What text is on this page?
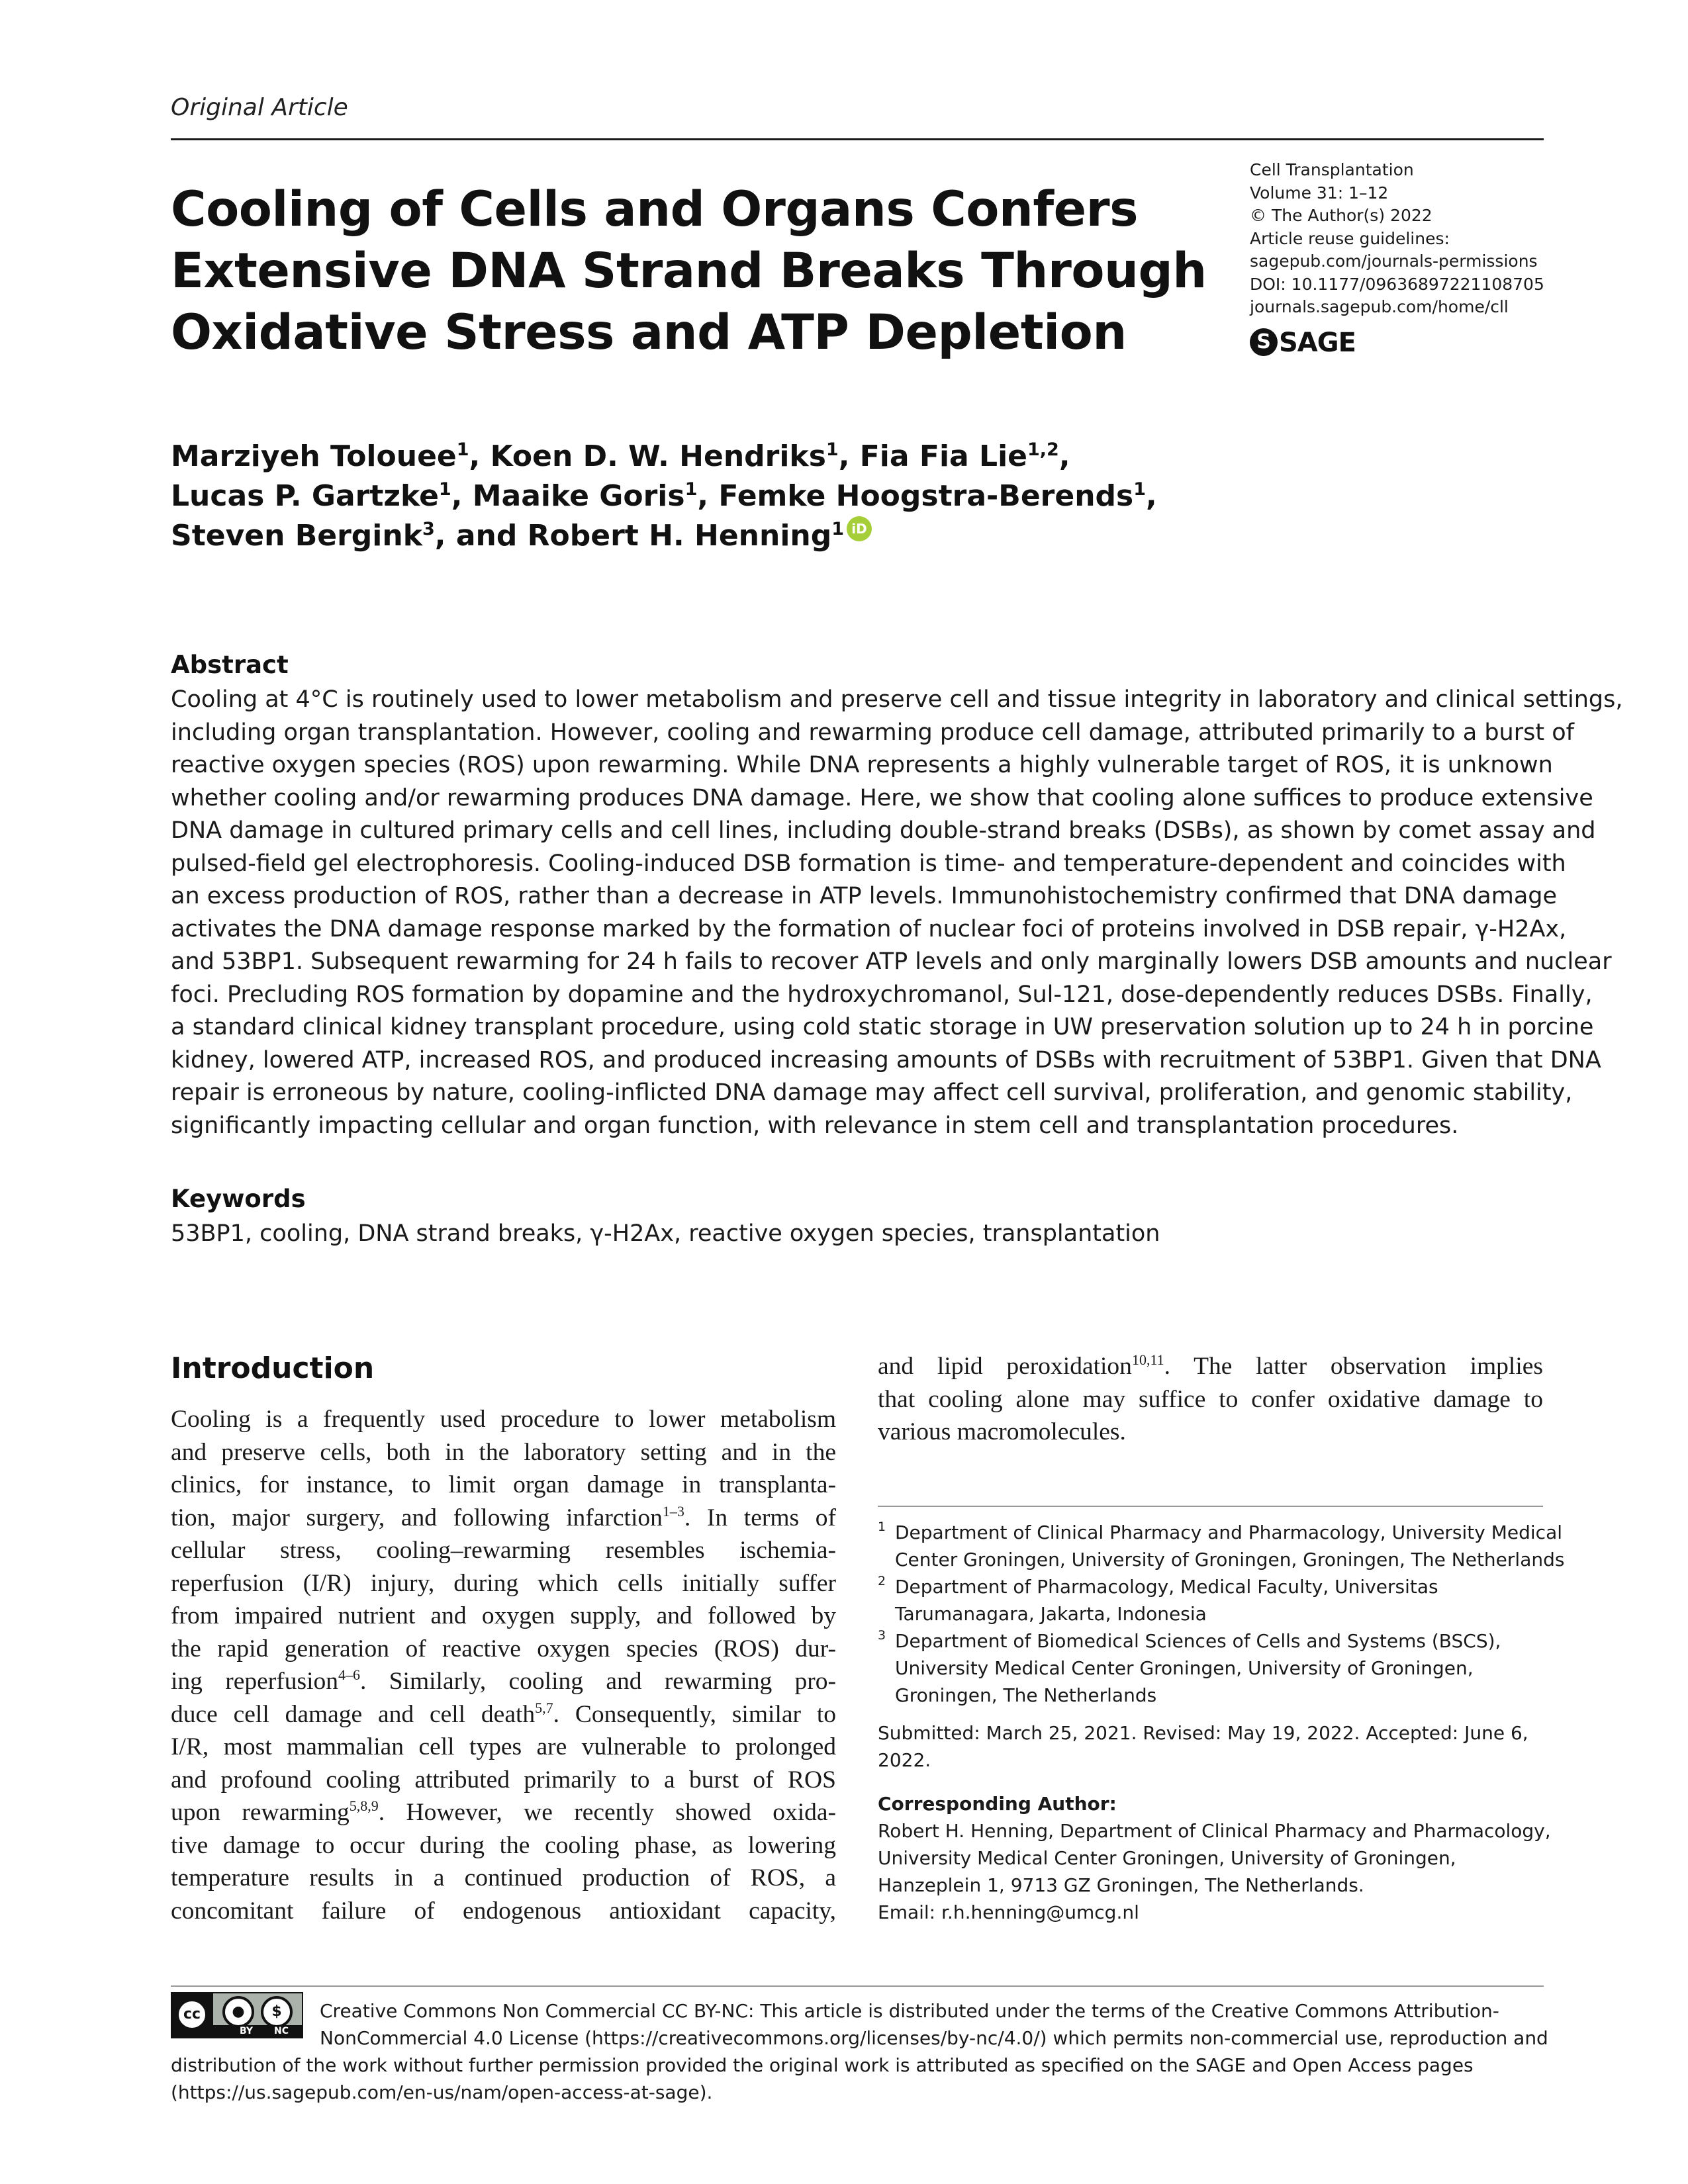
Original Article
Cooling of Cells and Organs Confers
Extensive DNA Strand Breaks Through
Oxidative Stress and ATP Depletion
Cell Transplantation
Volume 31: 1–12
© The Author(s) 2022
Article reuse guidelines:
sagepub.com/journals-permissions
DOI: 10.1177/09636897221108705
journals.sagepub.com/home/cll
S SAGE
Marziyeh Tolouee$^1$, Koen D. W. Hendriks$^1$, Fia Fia Lie$^{1,2}$,
Lucas P. Gartzke$^1$, Maaike Goris$^1$, Femke Hoogstra-Berends$^1$,
Steven Bergink$^3$, and Robert H. Henning$^1$ iD
Abstract
Cooling at 4°C is routinely used to lower metabolism and preserve cell and tissue integrity in laboratory and clinical settings,
including organ transplantation. However, cooling and rewarming produce cell damage, attributed primarily to a burst of
reactive oxygen species (ROS) upon rewarming. While DNA represents a highly vulnerable target of ROS, it is unknown
whether cooling and/or rewarming produces DNA damage. Here, we show that cooling alone suffices to produce extensive
DNA damage in cultured primary cells and cell lines, including double-strand breaks (DSBs), as shown by comet assay and
pulsed-field gel electrophoresis. Cooling-induced DSB formation is time- and temperature-dependent and coincides with
an excess production of ROS, rather than a decrease in ATP levels. Immunohistochemistry confirmed that DNA damage
activates the DNA damage response marked by the formation of nuclear foci of proteins involved in DSB repair, γ-H2Ax,
and 53BP1. Subsequent rewarming for 24 h fails to recover ATP levels and only marginally lowers DSB amounts and nuclear
foci. Precluding ROS formation by dopamine and the hydroxychromanol, Sul-121, dose-dependently reduces DSBs. Finally,
a standard clinical kidney transplant procedure, using cold static storage in UW preservation solution up to 24 h in porcine
kidney, lowered ATP, increased ROS, and produced increasing amounts of DSBs with recruitment of 53BP1. Given that DNA
repair is erroneous by nature, cooling-inflicted DNA damage may affect cell survival, proliferation, and genomic stability,
significantly impacting cellular and organ function, with relevance in stem cell and transplantation procedures.
Keywords
53BP1, cooling, DNA strand breaks, γ-H2Ax, reactive oxygen species, transplantation
Introduction
Cooling is a frequently used procedure to lower metabolism
and preserve cells, both in the laboratory setting and in the
clinics, for instance, to limit organ damage in transplanta-
tion, major surgery, and following infarction$^{1-3}$. In terms of
cellular stress, cooling–rewarming resembles ischemia-
reperfusion (I/R) injury, during which cells initially suffer
from impaired nutrient and oxygen supply, and followed by
the rapid generation of reactive oxygen species (ROS) dur-
ing reperfusion$^{4-6}$. Similarly, cooling and rewarming pro-
duce cell damage and cell death$^{5,7}$. Consequently, similar to
I/R, most mammalian cell types are vulnerable to prolonged
and profound cooling attributed primarily to a burst of ROS
upon rewarming$^{5,8,9}$. However, we recently showed oxida-
tive damage to occur during the cooling phase, as lowering
temperature results in a continued production of ROS, a
concomitant failure of endogenous antioxidant capacity,
and lipid peroxidation$^{10,11}$. The latter observation implies
that cooling alone may suffice to confer oxidative damage to
various macromolecules.
1 Department of Clinical Pharmacy and Pharmacology, University Medical
Center Groningen, University of Groningen, Groningen, The Netherlands
2 Department of Pharmacology, Medical Faculty, Universitas
Tarumanagara, Jakarta, Indonesia
3 Department of Biomedical Sciences of Cells and Systems (BSCS),
University Medical Center Groningen, University of Groningen,
Groningen, The Netherlands
Submitted: March 25, 2021. Revised: May 19, 2022. Accepted: June 6,
2022.
Corresponding Author:
Robert H. Henning, Department of Clinical Pharmacy and Pharmacology,
University Medical Center Groningen, University of Groningen,
Hanzeplein 1, 9713 GZ Groningen, The Netherlands.
Email: r.h.henning@umcg.nl
cc	●	$
BY NC
Creative Commons Non Commercial CC BY-NC: This article is distributed under the terms of the Creative Commons Attribution-
NonCommercial 4.0 License (https://creativecommons.org/licenses/by-nc/4.0/) which permits non-commercial use, reproduction and
distribution of the work without further permission provided the original work is attributed as specified on the SAGE and Open Access pages
(https://us.sagepub.com/en-us/nam/open-access-at-sage).
